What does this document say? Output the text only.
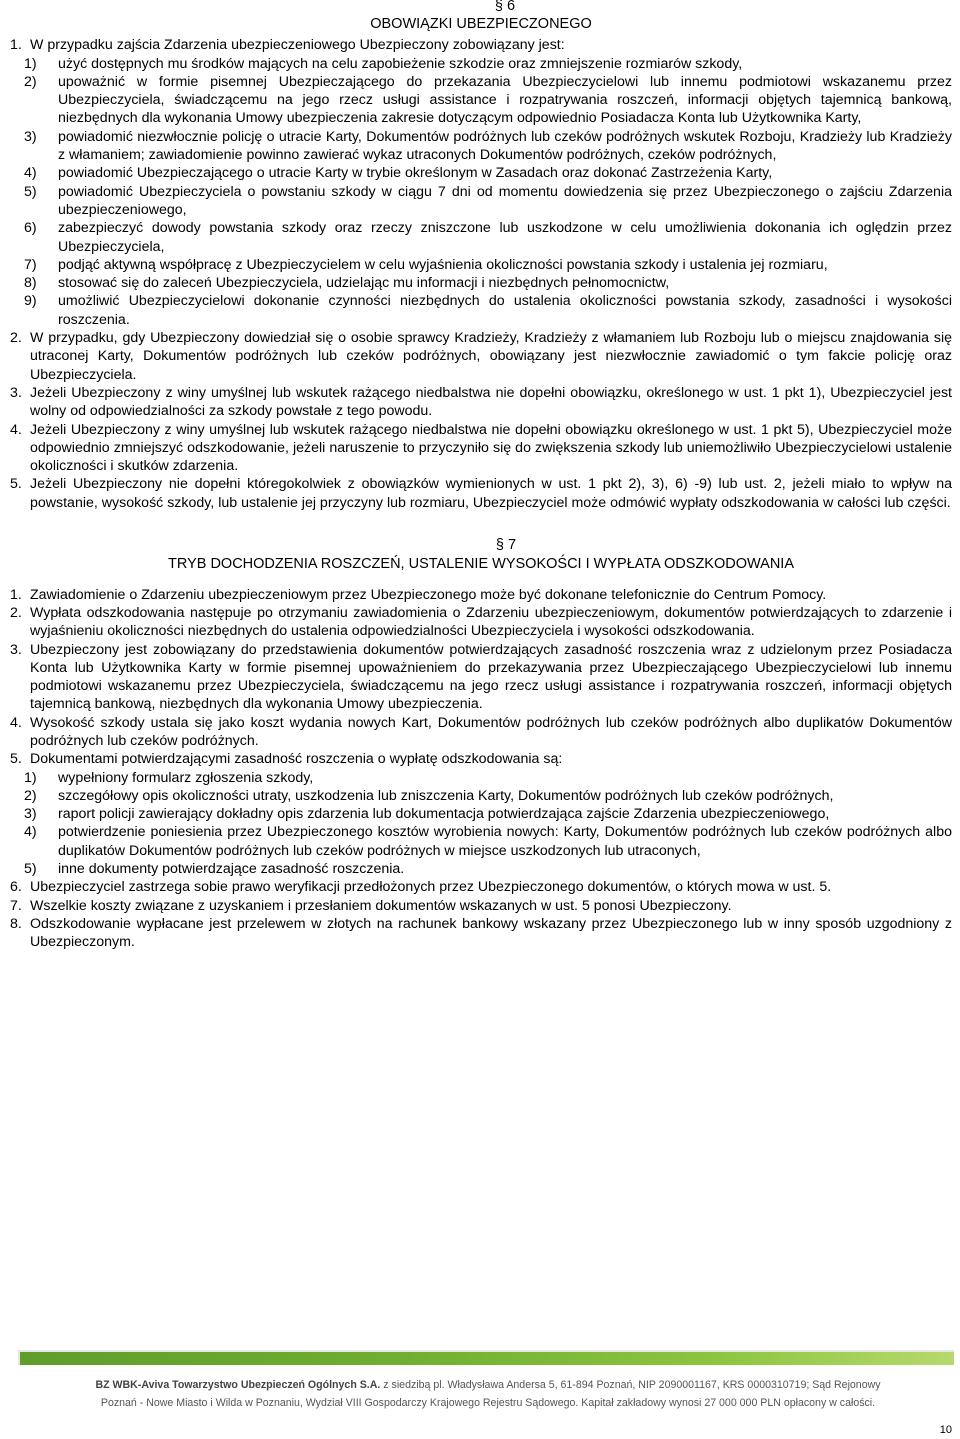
§ 6
OBOWIĄZKI UBEZPIECZONEGO
1. W przypadku zajścia Zdarzenia ubezpieczeniowego Ubezpieczony zobowiązany jest:
1) użyć dostępnych mu środków mających na celu zapobieżenie szkodzie oraz zmniejszenie rozmiarów szkody,
2) upoważnić w formie pisemnej Ubezpieczającego do przekazania Ubezpieczycielowi lub innemu podmiotowi wskazanemu przez Ubezpieczyciela, świadczącemu na jego rzecz usługi assistance i rozpatrywania roszczeń, informacji objętych tajemnicą bankową, niezbędnych dla wykonania Umowy ubezpieczenia zakresie dotyczącym odpowiednio Posiadacza Konta lub Użytkownika Karty,
3) powiadomić niezwłocznie policję o utracie Karty, Dokumentów podróżnych lub czeków podróżnych wskutek Rozboju, Kradzieży lub Kradzieży z włamaniem; zawiadomienie powinno zawierać wykaz utraconych Dokumentów podróżnych, czeków podróżnych,
4) powiadomić Ubezpieczającego o utracie Karty w trybie określonym w Zasadach oraz dokonać Zastrzeżenia Karty,
5) powiadomić Ubezpieczyciela o powstaniu szkody w ciągu 7 dni od momentu dowiedzenia się przez Ubezpieczonego o zajściu Zdarzenia ubezpieczeniowego,
6) zabezpieczyć dowody powstania szkody oraz rzeczy zniszczone lub uszkodzone w celu umożliwienia dokonania ich oględzin przez Ubezpieczyciela,
7) podjąć aktywną współpracę z Ubezpieczycielem w celu wyjaśnienia okoliczności powstania szkody i ustalenia jej rozmiaru,
8) stosować się do zaleceń Ubezpieczyciela, udzielając mu informacji i niezbędnych pełnomocnictw,
9) umożliwić Ubezpieczycielowi dokonanie czynności niezbędnych do ustalenia okoliczności powstania szkody, zasadności i wysokości roszczenia.
2. W przypadku, gdy Ubezpieczony dowiedział się o osobie sprawcy Kradzieży, Kradzieży z włamaniem lub Rozboju lub o miejscu znajdowania się utraconej Karty, Dokumentów podróżnych lub czeków podróżnych, obowiązany jest niezwłocznie zawiadomić o tym fakcie policję oraz Ubezpieczyciela.
3. Jeżeli Ubezpieczony z winy umyślnej lub wskutek rażącego niedbalstwa nie dopełni obowiązku, określonego w ust. 1 pkt 1), Ubezpieczyciel jest wolny od odpowiedzialności za szkody powstałe z tego powodu.
4. Jeżeli Ubezpieczony z winy umyślnej lub wskutek rażącego niedbalstwa nie dopełni obowiązku określonego w ust. 1 pkt 5), Ubezpieczyciel może odpowiednio zmniejszyć odszkodowanie, jeżeli naruszenie to przyczyniło się do zwiększenia szkody lub uniemożliwiło Ubezpieczycielowi ustalenie okoliczności i skutków zdarzenia.
5. Jeżeli Ubezpieczony nie dopełni któregokolwiek z obowiązków wymienionych w ust. 1 pkt 2), 3), 6) -9) lub ust. 2, jeżeli miało to wpływ na powstanie, wysokość szkody, lub ustalenie jej przyczyny lub rozmiaru, Ubezpieczyciel może odmówić wypłaty odszkodowania w całości lub części.
§ 7
TRYB DOCHODZENIA ROSZCZEŃ, USTALENIE WYSOKOŚCI I WYPŁATA ODSZKODOWANIA
1. Zawiadomienie o Zdarzeniu ubezpieczeniowym przez Ubezpieczonego może być dokonane telefonicznie do Centrum Pomocy.
2. Wypłata odszkodowania następuje po otrzymaniu zawiadomienia o Zdarzeniu ubezpieczeniowym, dokumentów potwierdzających to zdarzenie i wyjaśnieniu okoliczności niezbędnych do ustalenia odpowiedzialności Ubezpieczyciela i wysokości odszkodowania.
3. Ubezpieczony jest zobowiązany do przedstawienia dokumentów potwierdzających zasadność roszczenia wraz z udzielonym przez Posiadacza Konta lub Użytkownika Karty w formie pisemnej upoważnieniem do przekazywania przez Ubezpieczającego Ubezpieczycielowi lub innemu podmiotowi wskazanemu przez Ubezpieczyciela, świadczącemu na jego rzecz usługi assistance i rozpatrywania roszczeń, informacji objętych tajemnicą bankową, niezbędnych dla wykonania Umowy ubezpieczenia.
4. Wysokość szkody ustala się jako koszt wydania nowych Kart, Dokumentów podróżnych lub czeków podróżnych albo duplikatów Dokumentów podróżnych lub czeków podróżnych.
5. Dokumentami potwierdzającymi zasadność roszczenia o wypłatę odszkodowania są:
1) wypełniony formularz zgłoszenia szkody,
2) szczegółowy opis okoliczności utraty, uszkodzenia lub zniszczenia Karty, Dokumentów podróżnych lub czeków podróżnych,
3) raport policji zawierający dokładny opis zdarzenia lub dokumentacja potwierdzająca zajście Zdarzenia ubezpieczeniowego,
4) potwierdzenie poniesienia przez Ubezpieczonego kosztów wyrobienia nowych: Karty, Dokumentów podróżnych lub czeków podróżnych albo duplikatów Dokumentów podróżnych lub czeków podróżnych w miejsce uszkodzonych lub utraconych,
5) inne dokumenty potwierdzające zasadność roszczenia.
6. Ubezpieczyciel zastrzega sobie prawo weryfikacji przedłożonych przez Ubezpieczonego dokumentów, o których mowa w ust. 5.
7. Wszelkie koszty związane z uzyskaniem i przesłaniem dokumentów wskazanych w ust. 5 ponosi Ubezpieczony.
8. Odszkodowanie wypłacane jest przelewem w złotych na rachunek bankowy wskazany przez Ubezpieczonego lub w inny sposób uzgodniony z Ubezpieczonym.
BZ WBK-Aviva Towarzystwo Ubezpieczeń Ogólnych S.A. z siedzibą pl. Władysława Andersa 5, 61-894 Poznań, NIP 2090001167, KRS 0000310719; Sąd Rejonowy
Poznań - Nowe Miasto i Wilda w Poznaniu, Wydział VIII Gospodarczy Krajowego Rejestru Sądowego. Kapitał zakładowy wynosi 27 000 000 PLN opłacony w całości.
10
